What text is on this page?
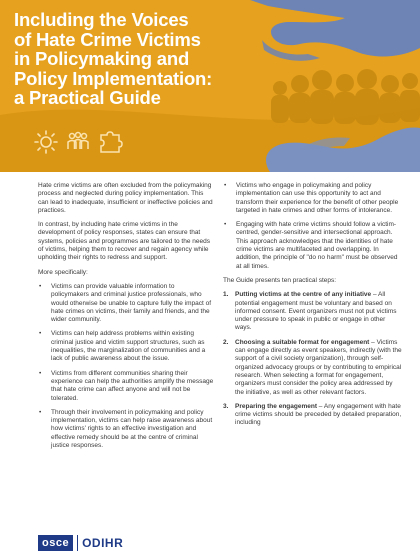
Including the Voices
of Hate Crime Victims
in Policymaking and
Policy Implementation:
a Practical Guide

Hate crime victims are often excluded from the policymaking process and neglected during policy implementation. This can lead to inadequate, insufficient or ineffective policies and practices.

In contrast, by including hate crime victims in the development of policy responses, states can ensure that systems, policies and programmes are tailored to the needs of victims, helping them to recover and regain agency while upholding their rights to redress and support.

More specifically:

• Victims can provide valuable information to policymakers and criminal justice professionals, who would otherwise be unable to capture fully the impact of hate crimes on victims, their family and friends, and the wider community.
• Victims can help address problems within existing criminal justice and victim support structures, such as inequalities, the marginalization of communities and a lack of public awareness about the issue.
• Victims from different communities sharing their experience can help the authorities amplify the message that hate crime can affect anyone and will not be tolerated.
• Through their involvement in policymaking and policy implementation, victims can help raise awareness about how victims' rights to an effective investigation and effective remedy should be at the centre of criminal justice responses.
• Victims who engage in policymaking and policy implementation can use this opportunity to act and transform their experience for the benefit of other people targeted in hate crimes and other forms of intolerance.
• Engaging with hate crime victims should follow a victim-centred, gender-sensitive and intersectional approach. This approach acknowledges that the identities of hate crime victims are multifaceted and overlapping. In addition, the principle of "do no harm" must be observed at all times.

The Guide presents ten practical steps:

1. Putting victims at the centre of any initiative – All potential engagement must be voluntary and based on informed consent. Event organizers must not put victims under pressure to speak in public or engage in other ways.
2. Choosing a suitable format for engagement – Victims can engage directly as event speakers, indirectly (with the support of a civil society organization), through self-organized advocacy groups or by contributing to empirical research. When selecting a format for engagement, organizers must consider the policy area addressed by the initiative, as well as other relevant factors.
3. Preparing the engagement – Any engagement with hate crime victims should be preceded by detailed preparation, including
osce	ODIHR
